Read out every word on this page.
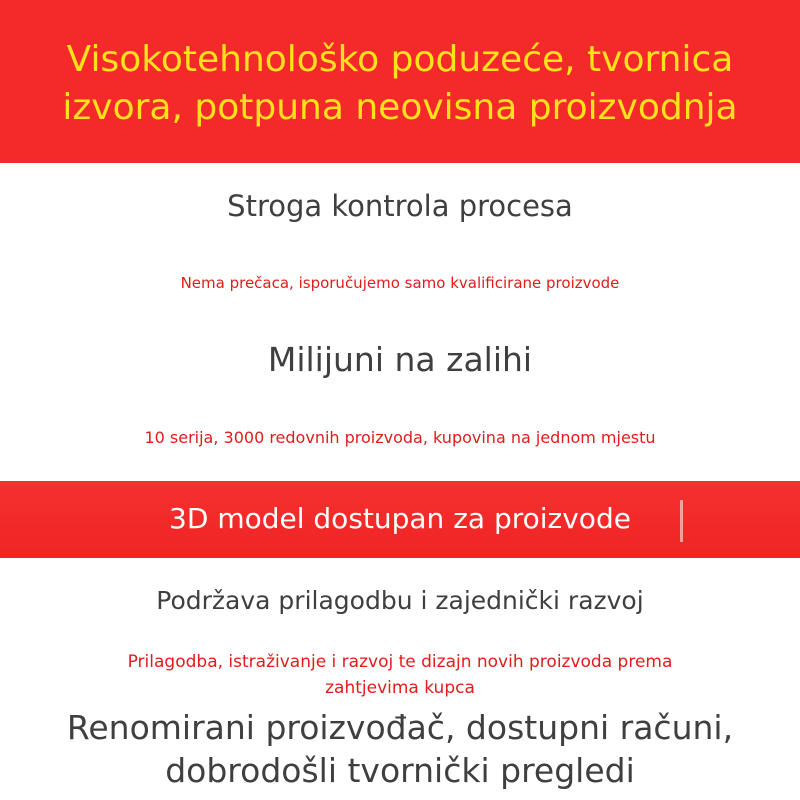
Visokotehnološko poduzeće, tvornica
izvora, potpuna neovisna proizvodnja
Stroga kontrola procesa
Nema prečaca, isporučujemo samo kvalificirane proizvode
Milijuni na zalihi
10 serija, 3000 redovnih proizvoda, kupovina na jednom mjestu
3D model dostupan za proizvode
Podržava prilagodbu i zajednički razvoj
Prilagodba, istraživanje i razvoj te dizajn novih proizvoda prema
zahtjevima kupca
Renomirani proizvođač, dostupni računi,
dobrodošli tvornički pregledi
